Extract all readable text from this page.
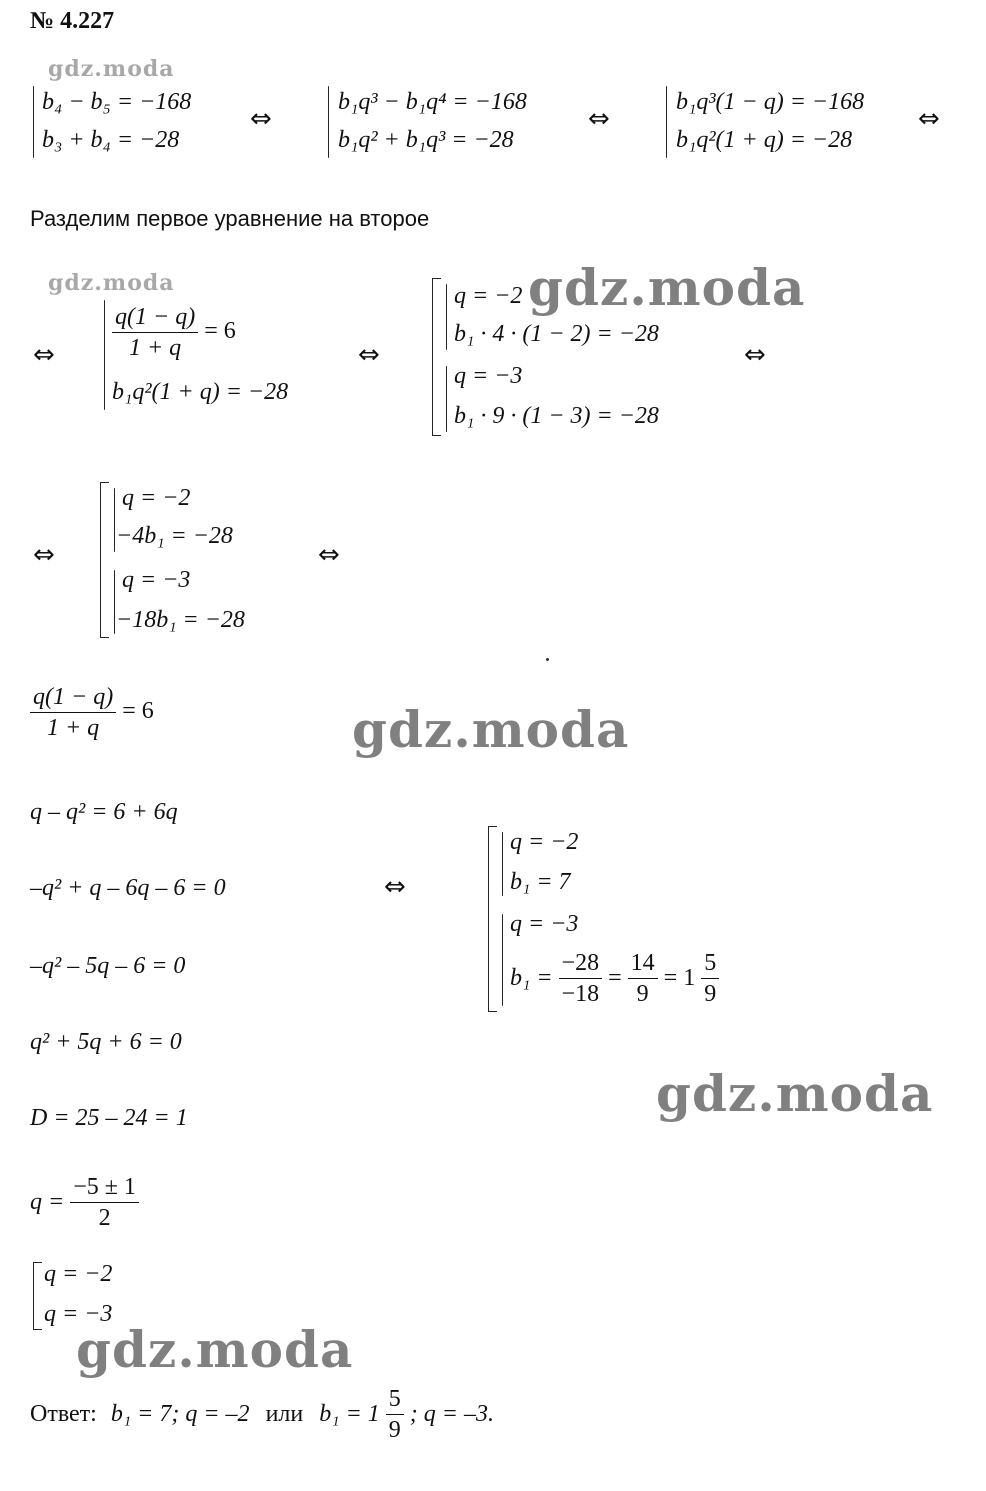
№ 4.227
gdz.moda
gdz.moda
b₄ − b₅ = −168
b₃ + b₄ = −28
⇔
b₁q³ − b₁q⁴ = −168
b₁q² + b₁q³ = −28
⇔
b₁q³(1 − q) = −168
b₁q²(1 + q) = −28
⇔
Разделим первое уравнение на второе
⇔ $\frac{q(1 - q)}{1 + q} = 6$
b₁q²(1 + q) = −28
⇔
q = −2
b₁ · 4 · (1 − 2) = −28
q = −3
b₁ · 9 · (1 − 3) = −28
⇔
gdz.moda
⇔
q = −2
−4b₁ = −28
q = −3
−18b₁ = −28
⇔
$\frac{q(1 - q)}{1 + q} = 6$	gdz.moda
q – q² = 6 + 6q
–q² + q – 6q – 6 = 0	⇔
–q² – 5q – 6 = 0
q² + 5q + 6 = 0
D = 25 – 24 = 1
q = −2
b₁ = 7
q = −3
$b_1 = \frac{-28}{-18} = \frac{14}{9} = 1 \frac{5}{9}$
gdz.moda
$q = \frac{-5 \pm 1}{2}$
q = −2
q = −3
gdz.moda
Ответ: b₁ = 7; q = –2 или $b_1 = 1 \frac{5}{9}$ ; q = –3.
